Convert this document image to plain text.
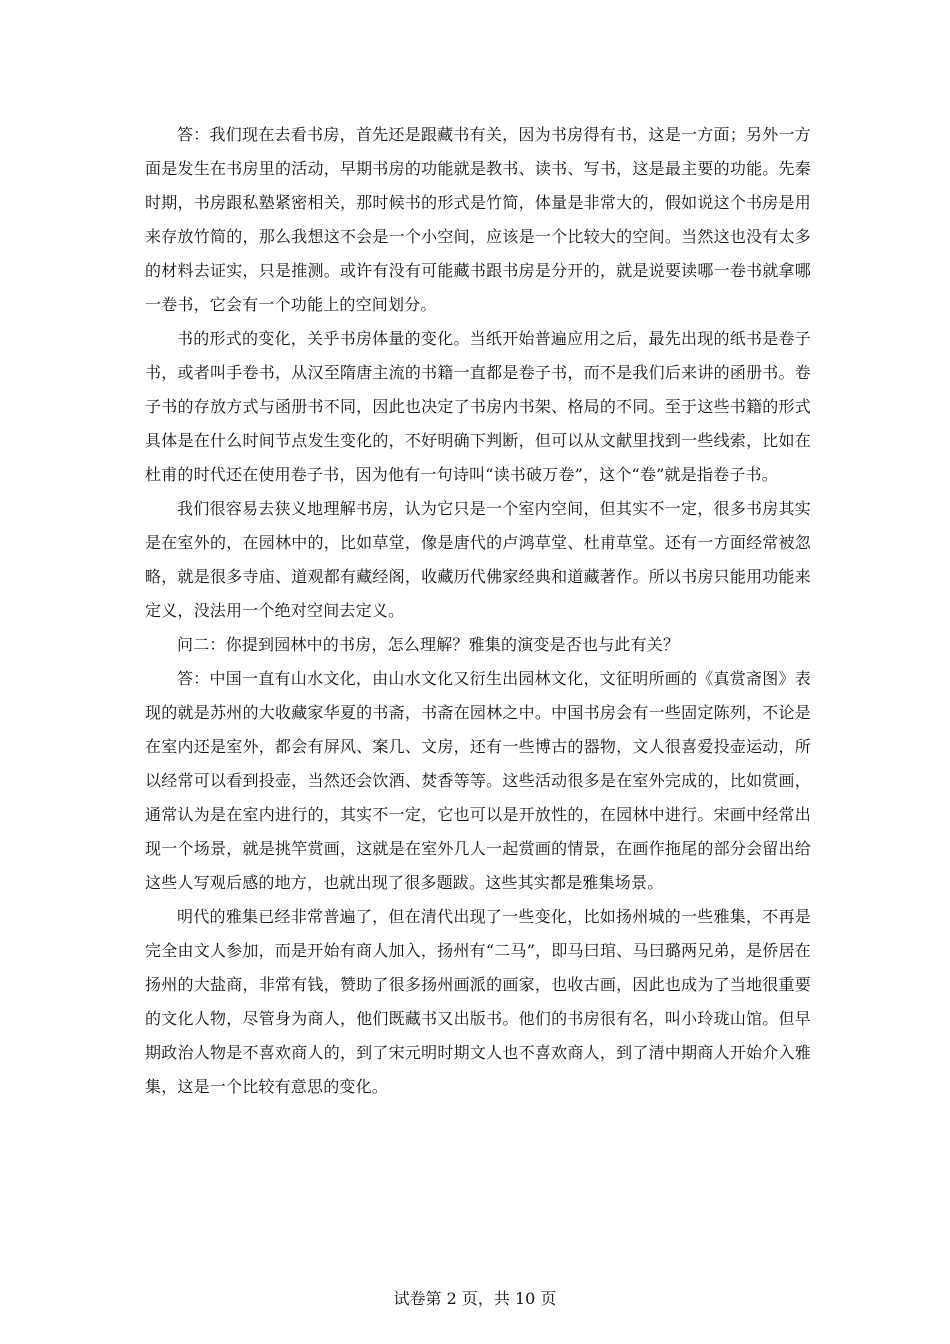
答：我们现在去看书房，首先还是跟藏书有关，因为书房得有书，这是一方面；另外一方面是发生在书房里的活动，早期书房的功能就是教书、读书、写书，这是最主要的功能。先秦时期，书房跟私塾紧密相关，那时候书的形式是竹简，体量是非常大的，假如说这个书房是用来存放竹简的，那么我想这不会是一个小空间，应该是一个比较大的空间。当然这也没有太多的材料去证实，只是推测。或许有没有可能藏书跟书房是分开的，就是说要读哪一卷书就拿哪一卷书，它会有一个功能上的空间划分。

书的形式的变化，关乎书房体量的变化。当纸开始普遍应用之后，最先出现的纸书是卷子书，或者叫手卷书，从汉至隋唐主流的书籍一直都是卷子书，而不是我们后来讲的函册书。卷子书的存放方式与函册书不同，因此也决定了书房内书架、格局的不同。至于这些书籍的形式具体是在什么时间节点发生变化的，不好明确下判断，但可以从文献里找到一些线索，比如在杜甫的时代还在使用卷子书，因为他有一句诗叫“读书破万卷”，这个“卷”就是指卷子书。

我们很容易去狭义地理解书房，认为它只是一个室内空间，但其实不一定，很多书房其实是在室外的，在园林中的，比如草堂，像是唐代的卢鸿草堂、杜甫草堂。还有一方面经常被忽略，就是很多寺庙、道观都有藏经阁，收藏历代佛家经典和道藏著作。所以书房只能用功能来定义，没法用一个绝对空间去定义。

问二：你提到园林中的书房，怎么理解？雅集的演变是否也与此有关？

答：中国一直有山水文化，由山水文化又衍生出园林文化，文征明所画的《真赏斋图》表现的就是苏州的大收藏家华夏的书斋，书斋在园林之中。中国书房会有一些固定陈列，不论是在室内还是室外，都会有屏风、案几、文房，还有一些博古的器物，文人很喜爱投壶运动，所以经常可以看到投壶，当然还会饮酒、焚香等等。这些活动很多是在室外完成的，比如赏画，通常认为是在室内进行的，其实不一定，它也可以是开放性的，在园林中进行。宋画中经常出现一个场景，就是挑竿赏画，这就是在室外几人一起赏画的情景，在画作拖尾的部分会留出给这些人写观后感的地方，也就出现了很多题跋。这些其实都是雅集场景。

明代的雅集已经非常普遍了，但在清代出现了一些变化，比如扬州城的一些雅集，不再是完全由文人参加，而是开始有商人加入，扬州有“二马”，即马曰琯、马曰璐两兄弟，是侨居在扬州的大盐商，非常有钱，赞助了很多扬州画派的画家，也收古画，因此也成为了当地很重要的文化人物，尽管身为商人，他们既藏书又出版书。他们的书房很有名，叫小玲珑山馆。但早期政治人物是不喜欢商人的，到了宋元明时期文人也不喜欢商人，到了清中期商人开始介入雅集，这是一个比较有意思的变化。

试卷第 2 页，共 10 页
